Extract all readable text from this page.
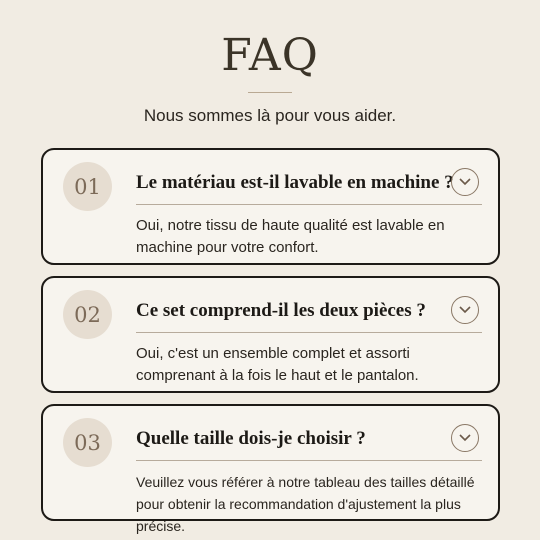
FAQ
Nous sommes là pour vous aider.
01	Le matériau est-il lavable en machine ?
Oui, notre tissu de haute qualité est lavable en machine pour votre confort.
02	Ce set comprend-il les deux pièces ?
Oui, c'est un ensemble complet et assorti comprenant à la fois le haut et le pantalon.
03	Quelle taille dois-je choisir ?
Veuillez vous référer à notre tableau des tailles détaillé pour obtenir la recommandation d'ajustement la plus précise.
